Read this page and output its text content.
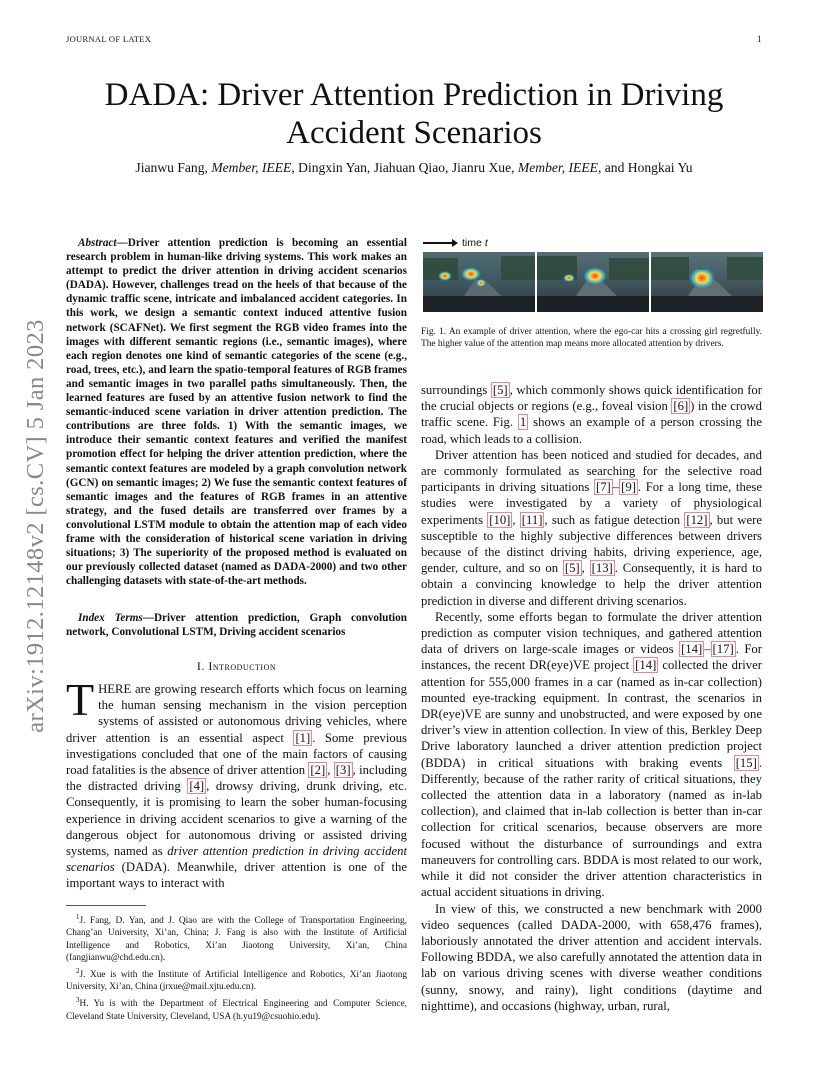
JOURNAL OF LATEX	1
arXiv:1912.12148v2 [cs.CV] 5 Jan 2023
DADA: Driver Attention Prediction in Driving Accident Scenarios
Jianwu Fang, Member, IEEE, Dingxin Yan, Jiahuan Qiao, Jianru Xue, Member, IEEE, and Hongkai Yu
Abstract—Driver attention prediction is becoming an essential research problem in human-like driving systems. This work makes an attempt to predict the driver attention in driving accident scenarios (DADA). However, challenges tread on the heels of that because of the dynamic traffic scene, intricate and imbalanced accident categories. In this work, we design a semantic context induced attentive fusion network (SCAFNet). We first segment the RGB video frames into the images with different semantic regions (i.e., semantic images), where each region denotes one kind of semantic categories of the scene (e.g., road, trees, etc.), and learn the spatio-temporal features of RGB frames and semantic images in two parallel paths simultaneously. Then, the learned features are fused by an attentive fusion network to find the semantic-induced scene variation in driver attention prediction. The contributions are three folds. 1) With the semantic images, we introduce their semantic context features and verified the manifest promotion effect for helping the driver attention prediction, where the semantic context features are modeled by a graph convolution network (GCN) on semantic images; 2) We fuse the semantic context features of semantic images and the features of RGB frames in an attentive strategy, and the fused details are transferred over frames by a convolutional LSTM module to obtain the attention map of each video frame with the consideration of historical scene variation in driving situations; 3) The superiority of the proposed method is evaluated on our previously collected dataset (named as DADA-2000) and two other challenging datasets with state-of-the-art methods.
Index Terms—Driver attention prediction, Graph convolution network, Convolutional LSTM, Driving accident scenarios
I. Introduction
THERE are growing research efforts which focus on learning the human sensing mechanism in the vision perception systems of assisted or autonomous driving vehicles, where driver attention is an essential aspect [1] . Some previous investigations concluded that one of the main factors of causing road fatalities is the absence of driver attention [2] , [3] , including the distracted driving [4] , drowsy driving, drunk driving, etc. Consequently, it is promising to learn the sober human-focusing experience in driving accident scenarios to give a warning of the dangerous object for autonomous driving or assisted driving systems, named as driver attention prediction in driving accident scenarios (DADA). Meanwhile, driver attention is one of the important ways to interact with

$^1$J. Fang, D. Yan, and J. Qiao are with the College of Transportation Engineering, Chang’an University, Xi’an, China; J. Fang is also with the Institute of Artificial Intelligence and Robotics, Xi’an Jiaotong University, Xi’an, China (fangjianwu@chd.edu.cn).

$^2$J. Xue is with the Institute of Artificial Intelligence and Robotics, Xi’an Jiaotong University, Xi’an, China (jrxue@mail.xjtu.edu.cn).

$^3$H. Yu is with the Department of Electrical Engineering and Computer Science, Cleveland State University, Cleveland, USA (h.yu19@csuohio.edu).

time t
Fig. 1. An example of driver attention, where the ego-car hits a crossing girl regretfully. The higher value of the attention map means more allocated attention by drivers.

surroundings [5] , which commonly shows quick identification for the crucial objects or regions (e.g., foveal vision [6] ) in the crowd traffic scene. Fig. 1 shows an example of a person crossing the road, which leads to a collision.

Driver attention has been noticed and studied for decades, and are commonly formulated as searching for the selective road participants in driving situations [7] – [9] . For a long time, these studies were investigated by a variety of physiological experiments [10] , [11] , such as fatigue detection [12] , but were susceptible to the highly subjective differences between drivers because of the distinct driving habits, driving experience, age, gender, culture, and so on [5] , [13] . Consequently, it is hard to obtain a convincing knowledge to help the driver attention prediction in diverse and different driving scenarios.

Recently, some efforts began to formulate the driver attention prediction as computer vision techniques, and gathered attention data of drivers on large-scale images or videos [14] – [17] . For instances, the recent DR(eye)VE project [14] collected the driver attention for 555,000 frames in a car (named as in-car collection) mounted eye-tracking equipment. In contrast, the scenarios in DR(eye)VE are sunny and unobstructed, and were exposed by one driver’s view in attention collection. In view of this, Berkley Deep Drive laboratory launched a driver attention prediction project (BDDA) in critical situations with braking events [15] . Differently, because of the rather rarity of critical situations, they collected the attention data in a laboratory (named as in-lab collection), and claimed that in-lab collection is better than in-car collection for critical scenarios, because observers are more focused without the disturbance of surroundings and extra maneuvers for controlling cars. BDDA is most related to our work, while it did not consider the driver attention characteristics in actual accident situations in driving.

In view of this, we constructed a new benchmark with 2000 video sequences (called DADA-2000, with 658,476 frames), laboriously annotated the driver attention and accident intervals. Following BDDA, we also carefully annotated the attention data in lab on various driving scenes with diverse weather conditions (sunny, snowy, and rainy), light conditions (daytime and nighttime), and occasions (highway, urban, rural,
